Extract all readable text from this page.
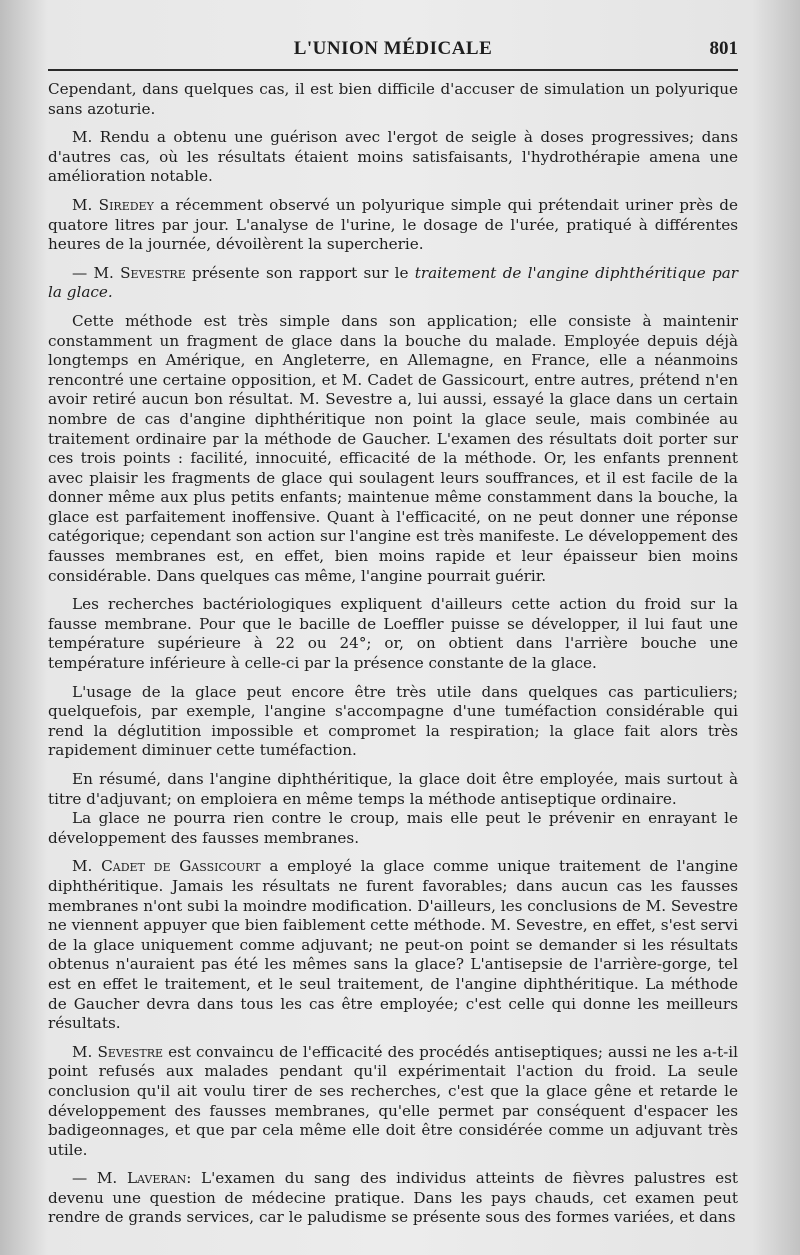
L'UNION MÉDICALE	801

Cependant, dans quelques cas, il est bien difficile d'accuser de simulation un polyurique sans azoturie.

M. Rendu a obtenu une guérison avec l'ergot de seigle à doses progressives; dans d'autres cas, où les résultats étaient moins satisfaisants, l'hydrothérapie amena une amélioration notable.

M. Siredey a récemment observé un polyurique simple qui prétendait uriner près de quatore litres par jour. L'analyse de l'urine, le dosage de l'urée, pratiqué à différentes heures de la journée, dévoilèrent la supercherie.

— M. Sevestre présente son rapport sur le traitement de l'angine diphthéritique par la glace.

Cette méthode est très simple dans son application; elle consiste à maintenir constamment un fragment de glace dans la bouche du malade. Employée depuis déjà longtemps en Amérique, en Angleterre, en Allemagne, en France, elle a néanmoins rencontré une certaine opposition, et M. Cadet de Gassicourt, entre autres, prétend n'en avoir retiré aucun bon résultat. M. Sevestre a, lui aussi, essayé la glace dans un certain nombre de cas d'angine diphthéritique non point la glace seule, mais combinée au traitement ordinaire par la méthode de Gaucher. L'examen des résultats doit porter sur ces trois points : facilité, innocuité, efficacité de la méthode. Or, les enfants prennent avec plaisir les fragments de glace qui soulagent leurs souffrances, et il est facile de la donner même aux plus petits enfants; maintenue même constamment dans la bouche, la glace est parfaitement inoffensive. Quant à l'efficacité, on ne peut donner une réponse catégorique; cependant son action sur l'angine est très manifeste. Le développement des fausses membranes est, en effet, bien moins rapide et leur épaisseur bien moins considérable. Dans quelques cas même, l'angine pourrait guérir.

Les recherches bactériologiques expliquent d'ailleurs cette action du froid sur la fausse membrane. Pour que le bacille de Loeffler puisse se développer, il lui faut une température supérieure à 22 ou 24°; or, on obtient dans l'arrière bouche une température inférieure à celle-ci par la présence constante de la glace.

L'usage de la glace peut encore être très utile dans quelques cas particuliers; quelquefois, par exemple, l'angine s'accompagne d'une tuméfaction considérable qui rend la déglutition impossible et compromet la respiration; la glace fait alors très rapidement diminuer cette tuméfaction.

En résumé, dans l'angine diphthéritique, la glace doit être employée, mais surtout à titre d'adjuvant; on emploiera en même temps la méthode antiseptique ordinaire.

La glace ne pourra rien contre le croup, mais elle peut le prévenir en enrayant le développement des fausses membranes.

M. Cadet de Gassicourt a employé la glace comme unique traitement de l'angine diphthéritique. Jamais les résultats ne furent favorables; dans aucun cas les fausses membranes n'ont subi la moindre modification. D'ailleurs, les conclusions de M. Sevestre ne viennent appuyer que bien faiblement cette méthode. M. Sevestre, en effet, s'est servi de la glace uniquement comme adjuvant; ne peut-on point se demander si les résultats obtenus n'auraient pas été les mêmes sans la glace? L'antisepsie de l'arrière-gorge, tel est en effet le traitement, et le seul traitement, de l'angine diphthéritique. La méthode de Gaucher devra dans tous les cas être employée; c'est celle qui donne les meilleurs résultats.

M. Sevestre est convaincu de l'efficacité des procédés antiseptiques; aussi ne les a-t-il point refusés aux malades pendant qu'il expérimentait l'action du froid. La seule conclusion qu'il ait voulu tirer de ses recherches, c'est que la glace gêne et retarde le développement des fausses membranes, qu'elle permet par conséquent d'espacer les badigeonnages, et que par cela même elle doit être considérée comme un adjuvant très utile.

— M. Laveran: L'examen du sang des individus atteints de fièvres palustres est devenu une question de médecine pratique. Dans les pays chauds, cet examen peut rendre de grands services, car le paludisme se présente sous des formes variées, et dans
